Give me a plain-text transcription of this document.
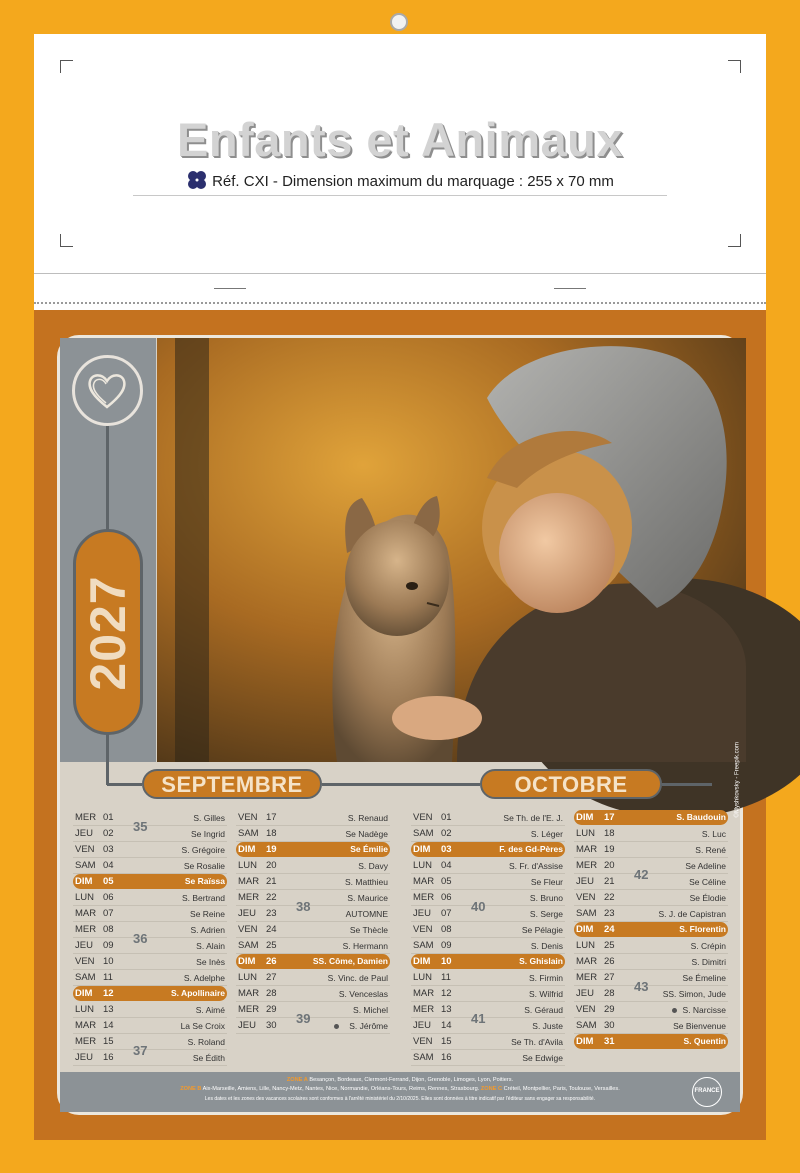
Enfants et Animaux
Réf. CXI - Dimension maximum du marquage : 255 x 70 mm
©Myshkovsky - Freepik.com
2027
SEPTEMBRE	OCTOBRE
MER 01	S. Gilles
JEU	02	Se Ingrid
VEN 03	S. Grégoire
SAM 04	Se Rosalie
DIM	05	Se Raïssa
LUN 06	S. Bertrand
MAR 07	Se Reine
MER 08	S. Adrien
JEU	09	S. Alain
VEN 10	Se Inès
SAM 11	S. Adelphe
DIM	12	S. Apollinaire
LUN 13	S. Aimé
MAR 14	La Se Croix
MER 15	S. Roland
JEU	16	Se Édith
VEN 17	S. Renaud
SAM 18	Se Nadège
DIM	19	Se Émilie
LUN 20	S. Davy
MAR 21	S. Matthieu
MER 22	S. Maurice
JEU	23	AUTOMNE
VEN 24	Se Thècle
SAM 25	S. Hermann
DIM	26	SS. Côme, Damien
LUN 27	S. Vinc. de Paul
MAR 28	S. Venceslas
MER 29	S. Michel
JEU	30	S. Jérôme
VEN 01	Se Th. de l'E. J.
SAM 02	S. Léger
DIM	03	F. des Gd-Pères
LUN 04	S. Fr. d'Assise
MAR 05	Se Fleur
MER 06	S. Bruno
JEU	07	S. Serge
VEN 08	Se Pélagie
SAM 09	S. Denis
DIM	10	S. Ghislain
LUN 11	S. Firmin
MAR 12	S. Wilfrid
MER 13	S. Géraud
JEU	14	S. Juste
VEN 15	Se Th. d'Avila
SAM 16	Se Edwige
DIM	17	S. Baudouin
LUN 18	S. Luc
MAR 19	S. René
MER 20	Se Adeline
JEU	21	Se Céline
VEN 22	Se Élodie
SAM 23	S. J. de Capistran
DIM	24	S. Florentin
LUN 25	S. Crépin
MAR 26	S. Dimitri
MER 27	Se Émeline
JEU	28	SS. Simon, Jude
VEN 29	S. Narcisse
SAM 30	Se Bienvenue
DIM	31	S. Quentin
35
36
37
38
39
40
41
42
43
ZONE A Besançon, Bordeaux, Clermont-Ferrand, Dijon, Grenoble, Limoges, Lyon, Poitiers.
ZONE B Aix-Marseille, Amiens, Lille, Nancy-Metz, Nantes, Nice, Normandie, Orléans-Tours, Reims, Rennes, Strasbourg. ZONE C Créteil, Montpellier, Paris, Toulouse, Versailles.
Les dates et les zones des vacances scolaires sont conformes à l'arrêté ministériel du 2/10/2025. Elles sont données à titre indicatif par l'éditeur sans engager sa responsabilité.
FRANCE
